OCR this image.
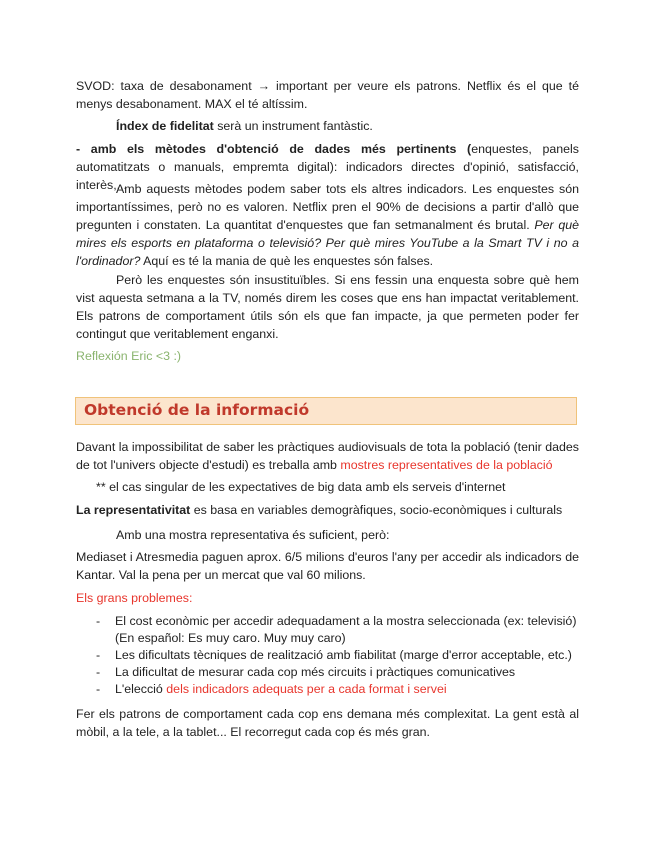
SVOD: taxa de desabonament → important per veure els patrons. Netflix és el que té menys desabonament. MAX el té altíssim.

Índex de fidelitat serà un instrument fantàstic.

- amb els mètodes d'obtenció de dades més pertinents (enquestes, panels automatitzats o manuals, empremta digital): indicadors directes d'opinió, satisfacció, interès,...

Amb aquests mètodes podem saber tots els altres indicadors. Les enquestes són importantíssimes, però no es valoren. Netflix pren el 90% de decisions a partir d'allò que pregunten i constaten. La quantitat d'enquestes que fan setmanalment és brutal. Per què mires els esports en plataforma o televisió? Per què mires YouTube a la Smart TV i no a l'ordinador? Aquí es té la mania de què les enquestes són falses.

Però les enquestes són insustituïbles. Si ens fessin una enquesta sobre què hem vist aquesta setmana a la TV, només direm les coses que ens han impactat veritablement. Els patrons de comportament útils són els que fan impacte, ja que permeten poder fer contingut que veritablement enganxi.

Reflexión Eric <3 :)

Obtenció de la informació

Davant la impossibilitat de saber les pràctiques audiovisuals de tota la població (tenir dades de tot l'univers objecte d'estudi) es treballa amb mostres representatives de la població

** el cas singular de les expectatives de big data amb els serveis d'internet

La representativitat es basa en variables demogràfiques, socio-econòmiques i culturals

Amb una mostra representativa és suficient, però:

Mediaset i Atresmedia paguen aprox. 6/5 milions d'euros l'any per accedir als indicadors de Kantar. Val la pena per un mercat que val 60 milions.

Els grans problemes:

- El cost econòmic per accedir adequadament a la mostra seleccionada (ex: televisió)
(En español: Es muy caro. Muy muy caro)
- Les dificultats tècniques de realització amb fiabilitat (marge d'error acceptable, etc.)
- La dificultat de mesurar cada cop més circuits i pràctiques comunicatives
- L'elecció dels indicadors adequats per a cada format i servei

Fer els patrons de comportament cada cop ens demana més complexitat. La gent està al mòbil, a la tele, a la tablet... El recorregut cada cop és més gran.
